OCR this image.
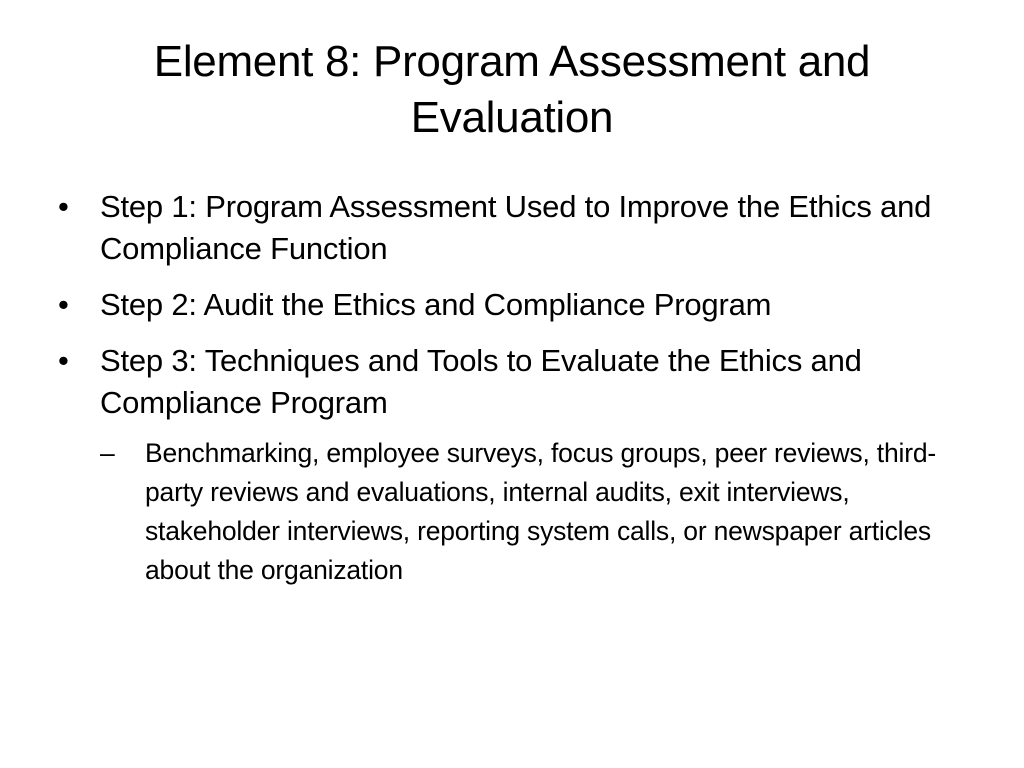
Element 8: Program Assessment and Evaluation
•	Step 1: Program Assessment Used to Improve the Ethics and Compliance Function
•	Step 2: Audit the Ethics and Compliance Program
•	Step 3: Techniques and Tools to Evaluate the Ethics and Compliance Program
–	Benchmarking, employee surveys, focus groups, peer reviews, third-party reviews and evaluations, internal audits, exit interviews, stakeholder interviews, reporting system calls, or newspaper articles about the organization
